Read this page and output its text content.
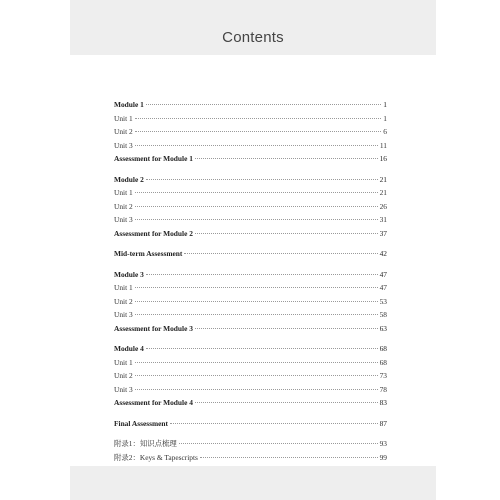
Contents
Module 1	1
Unit 1	1
Unit 2	6
Unit 3	11
Assessment for Module 1	16
Module 2	21
Unit 1	21
Unit 2	26
Unit 3	31
Assessment for Module 2	37
Mid-term Assessment	42
Module 3	47
Unit 1	47
Unit 2	53
Unit 3	58
Assessment for Module 3	63
Module 4	68
Unit 1	68
Unit 2	73
Unit 3	78
Assessment for Module 4	83
Final Assessment	87
附录1：知识点梳理	93
附录2：Keys & Tapescripts	99
